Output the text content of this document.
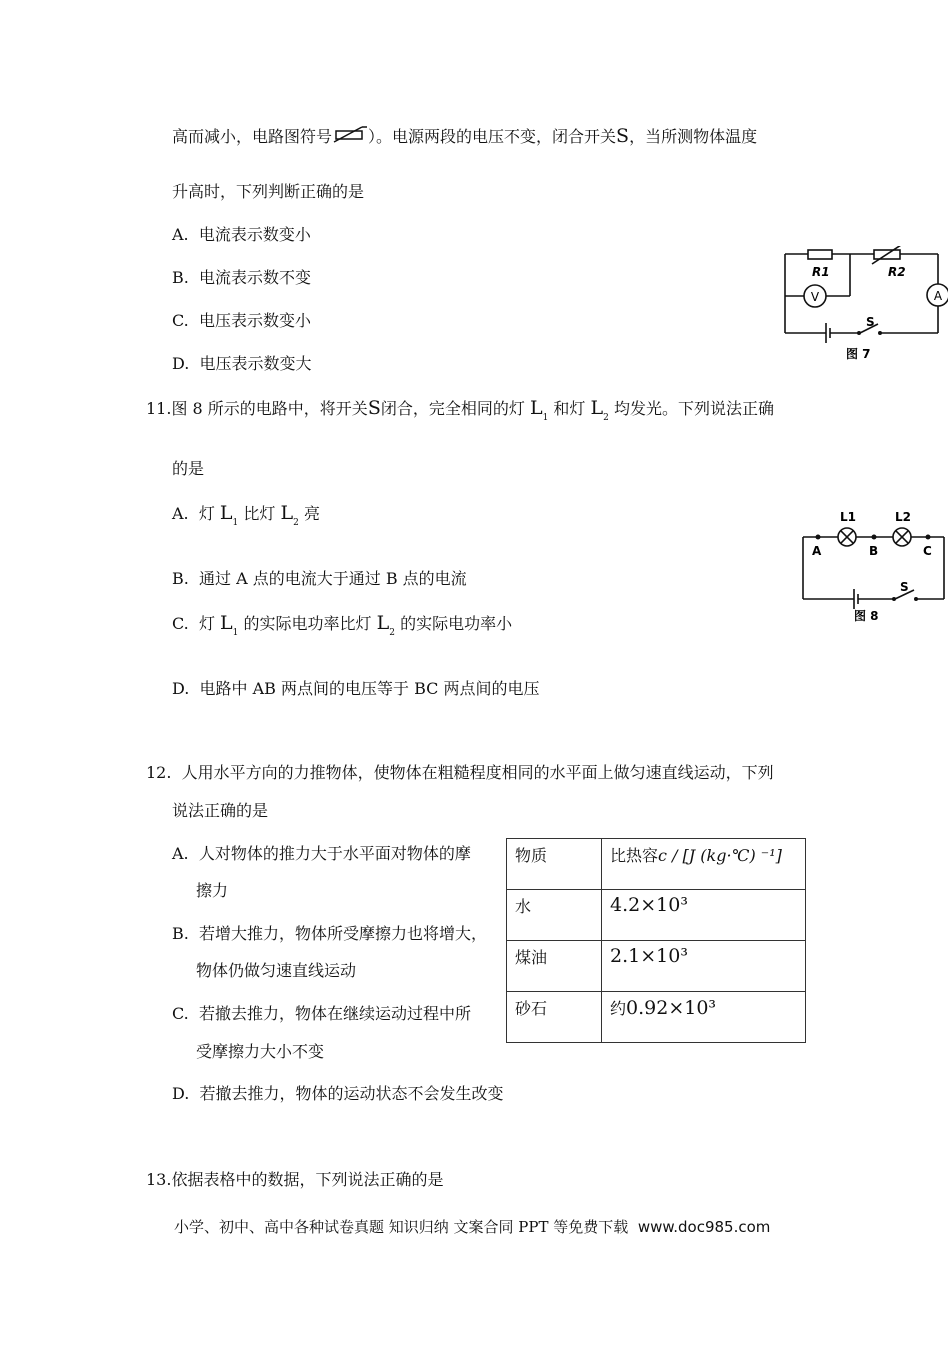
高而减小，电路图符号 ）。电源两段的电压不变，闭合开关S，当所测物体温度
升高时，下列判断正确的是
A. 电流表示数变小
B. 电流表示数不变
C. 电压表示数变小
D. 电压表示数变大
R1	R2
V	A
S
图 7
11.图 8 所示的电路中，将开关S闭合，完全相同的灯 $L_1$ 和灯 $L_2$ 均发光。下列说法正确
的是
A. 灯 $L_1$ 比灯 $L_2$ 亮
B. 通过 A 点的电流大于通过 B 点的电流
C. 灯 $L_1$ 的实际电功率比灯 $L_2$ 的实际电功率小
D. 电路中 AB 两点间的电压等于 BC 两点间的电压
L1	L2
A	B	C
S
图 8
12. 人用水平方向的力推物体，使物体在粗糙程度相同的水平面上做匀速直线运动，下列
说法正确的是
A. 人对物体的推力大于水平面对物体的摩
擦力
B. 若增大推力，物体所受摩擦力也将增大，
物体仍做匀速直线运动
C. 若撤去推力，物体在继续运动过程中所
受摩擦力大小不变
D. 若撤去推力，物体的运动状态不会发生改变
物质	比热容c / [J (kg·℃) ⁻¹]
水	4.2×10³
煤油	2.1×10³
砂石	约0.92×10³
13.依据表格中的数据，下列说法正确的是
小学、初中、高中各种试卷真题 知识归纳 文案合同 PPT 等免费下载 www.doc985.com
